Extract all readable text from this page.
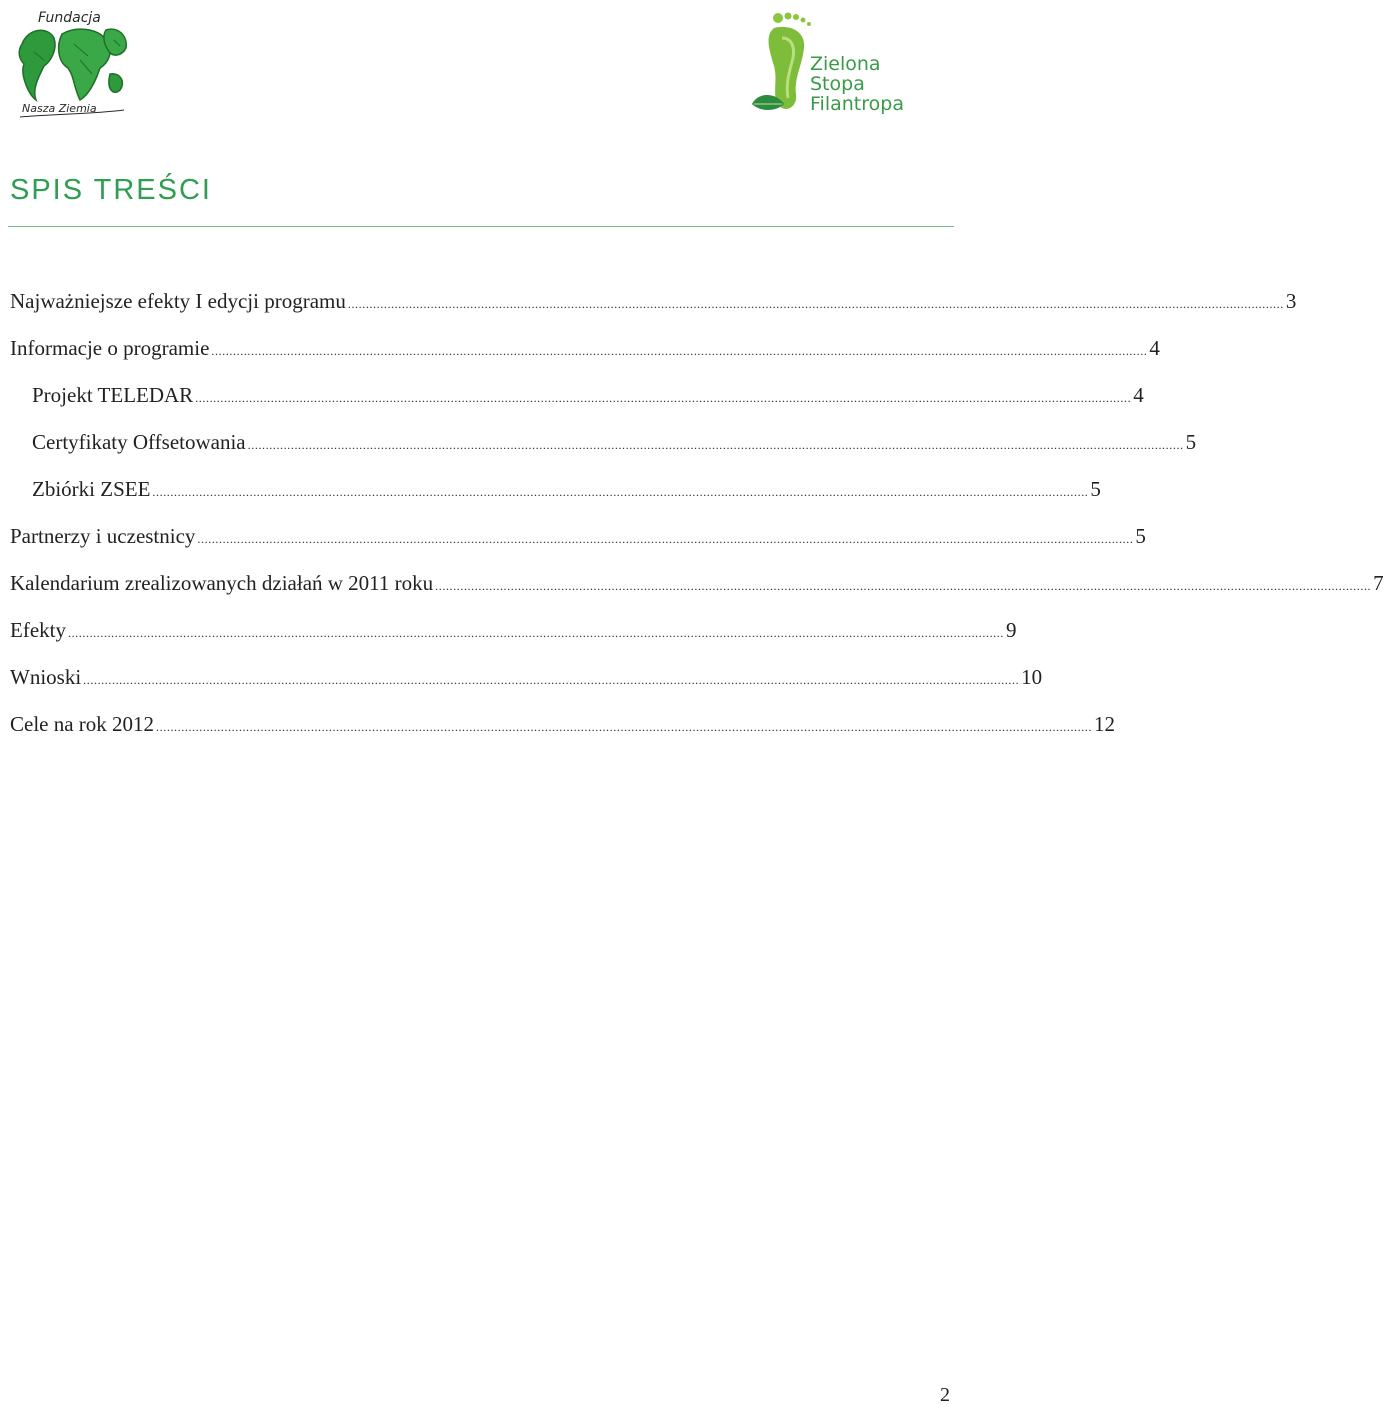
Fundacja
Nasza Ziemia
Zielona
Stopa
Filantropa
SPIS TREŚCI
Najważniejsze efekty I edycji programu .................................................................................................................................................................................................................................................................... 3
Informacje o programie .................................................................................................................................................................................................................................................................... 4
Projekt TELEDAR .................................................................................................................................................................................................................................................................... 4
Certyfikaty Offsetowania .................................................................................................................................................................................................................................................................... 5
Zbiórki ZSEE .................................................................................................................................................................................................................................................................... 5
Partnerzy i uczestnicy .................................................................................................................................................................................................................................................................... 5
Kalendarium zrealizowanych działań w 2011 roku .................................................................................................................................................................................................................................................................... 7
Efekty .................................................................................................................................................................................................................................................................... 9
Wnioski .................................................................................................................................................................................................................................................................... 10
Cele na rok 2012 .................................................................................................................................................................................................................................................................... 12
2
